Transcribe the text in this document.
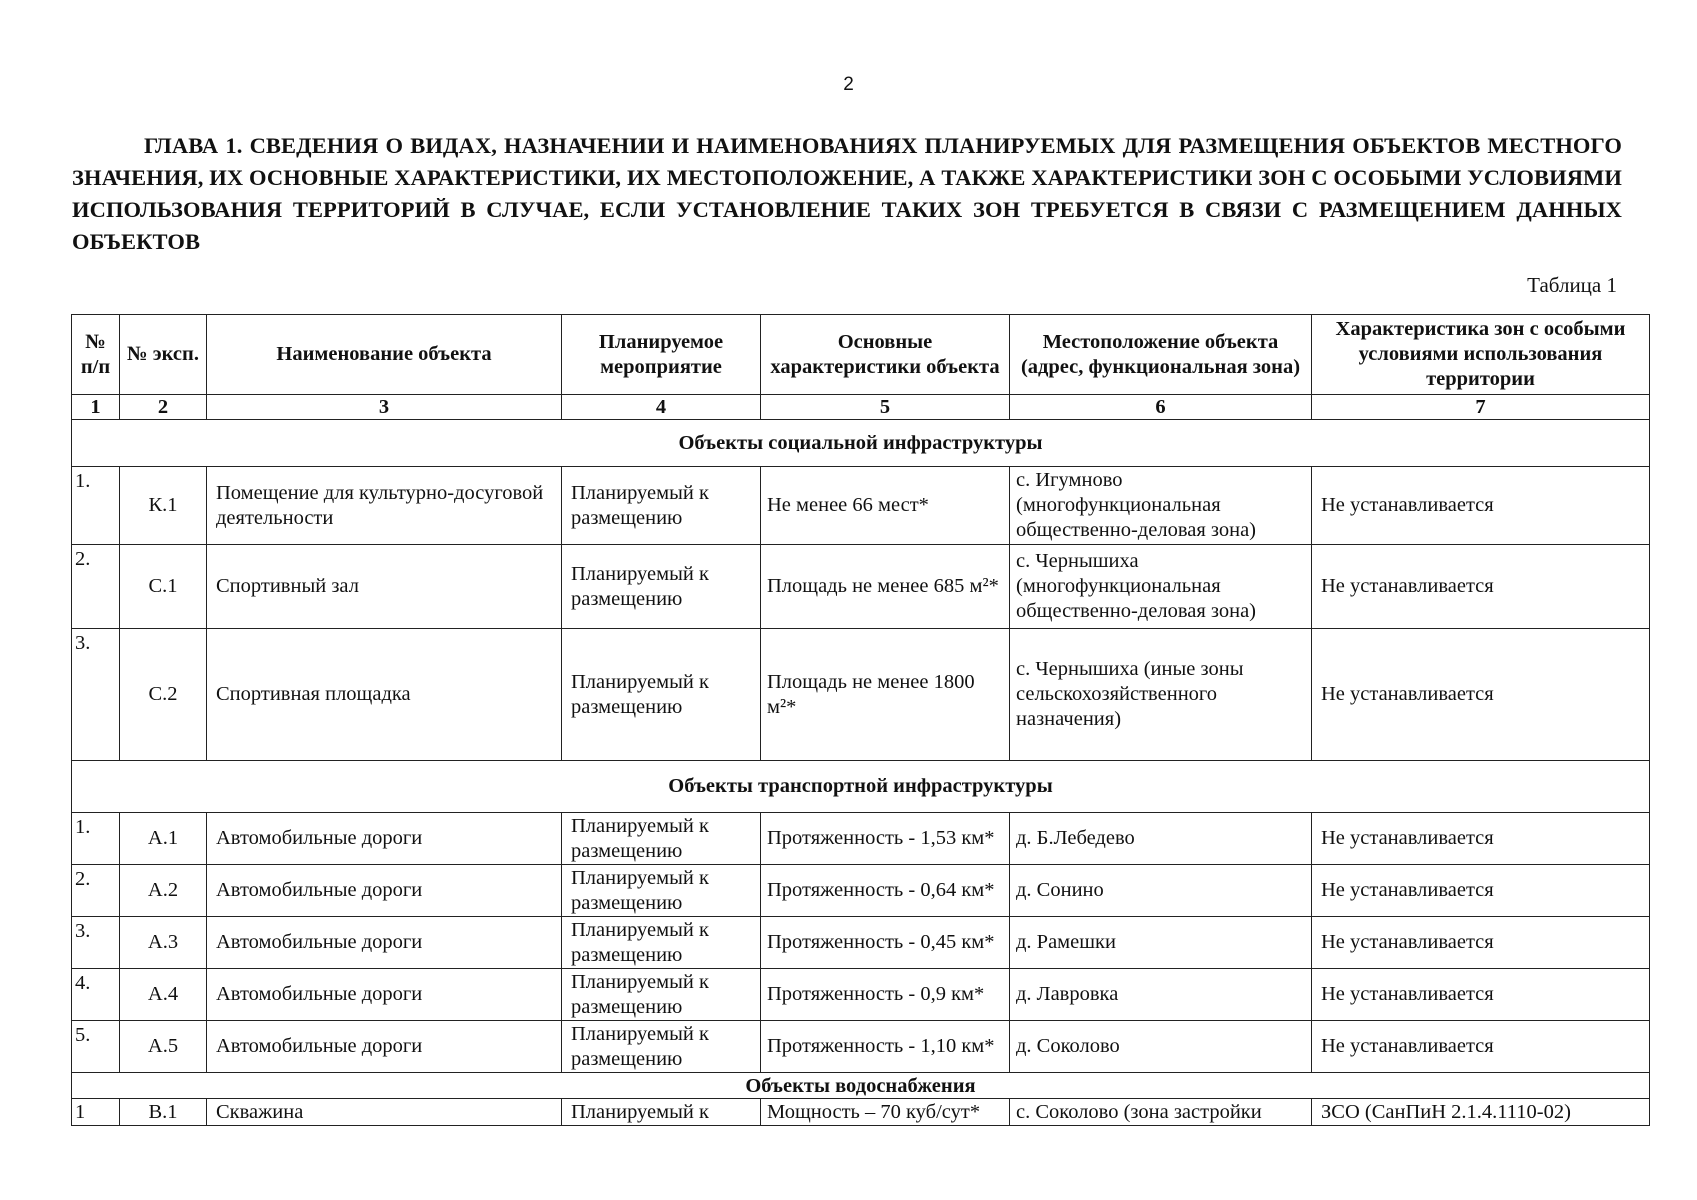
2
ГЛАВА 1. СВЕДЕНИЯ О ВИДАХ, НАЗНАЧЕНИИ И НАИМЕНОВАНИЯХ ПЛАНИРУЕМЫХ ДЛЯ РАЗМЕЩЕНИЯ ОБЪЕКТОВ МЕСТНОГО ЗНАЧЕНИЯ, ИХ ОСНОВНЫЕ ХАРАКТЕРИСТИКИ, ИХ МЕСТОПОЛОЖЕНИЕ, А ТАКЖЕ ХАРАКТЕРИСТИКИ ЗОН С ОСОБЫМИ УСЛОВИЯМИ ИСПОЛЬЗОВАНИЯ ТЕРРИТОРИЙ В СЛУЧАЕ, ЕСЛИ УСТАНОВЛЕНИЕ ТАКИХ ЗОН ТРЕБУЕТСЯ В СВЯЗИ С РАЗМЕЩЕНИЕМ ДАННЫХ ОБЪЕКТОВ
Таблица 1
№ п/п	№ эксп.	Наименование объекта	Планируемое мероприятие	Основные характеристики объекта	Местоположение объекта (адрес, функциональная зона)	Характеристика зон с особыми условиями использования территории
1	2	3	4	5	6	7
Объекты социальной инфраструктуры						
1.	К.1	Помещение для культурно-досуговой деятельности	Планируемый к размещению	Не менее 66 мест*	с. Игумново (многофункциональная общественно-деловая зона)	Не устанавливается
2.	С.1	Спортивный зал	Планируемый к размещению	Площадь не менее 685 м²*	с. Чернышиха (многофункциональная общественно-деловая зона)	Не устанавливается
3.	С.2	Спортивная площадка	Планируемый к размещению	Площадь не менее 1800 м²*	с. Чернышиха (иные зоны сельскохозяйственного назначения)	Не устанавливается
Объекты транспортной инфраструктуры						
1.	А.1	Автомобильные дороги	Планируемый к размещению	Протяженность - 1,53 км*	д. Б.Лебедево	Не устанавливается
2.	А.2	Автомобильные дороги	Планируемый к размещению	Протяженность - 0,64 км*	д. Сонино	Не устанавливается
3.	А.3	Автомобильные дороги	Планируемый к размещению	Протяженность - 0,45 км*	д. Рамешки	Не устанавливается
4.	А.4	Автомобильные дороги	Планируемый к размещению	Протяженность - 0,9 км*	д. Лавровка	Не устанавливается
5.	А.5	Автомобильные дороги	Планируемый к размещению	Протяженность - 1,10 км*	д. Соколово	Не устанавливается
Объекты водоснабжения						
1	В.1	Скважина	Планируемый к	Мощность – 70 куб/сут*	с. Соколово (зона застройки	ЗСО (СанПиН 2.1.4.1110-02)
